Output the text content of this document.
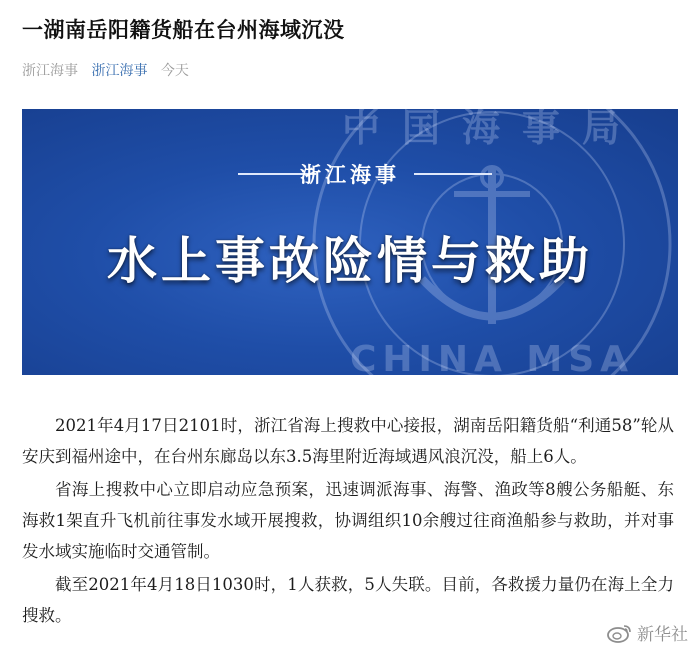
一湖南岳阳籍货船在台州海域沉没
浙江海事 浙江海事 今天
中国海事局
CHINA MSA
浙江海事
水上事故险情与救助

2021年4月17日2101时，浙江省海上搜救中心接报，湖南岳阳籍货船“利通58”轮从安庆到福州途中，在台州东廊岛以东3.5海里附近海域遇风浪沉没，船上6人。

省海上搜救中心立即启动应急预案，迅速调派海事、海警、渔政等8艘公务船艇、东海救1架直升飞机前往事发水域开展搜救，协调组织10余艘过往商渔船参与救助，并对事发水域实施临时交通管制。

截至2021年4月18日1030时，1人获救，5人失联。目前，各救援力量仍在海上全力搜救。

新华社
